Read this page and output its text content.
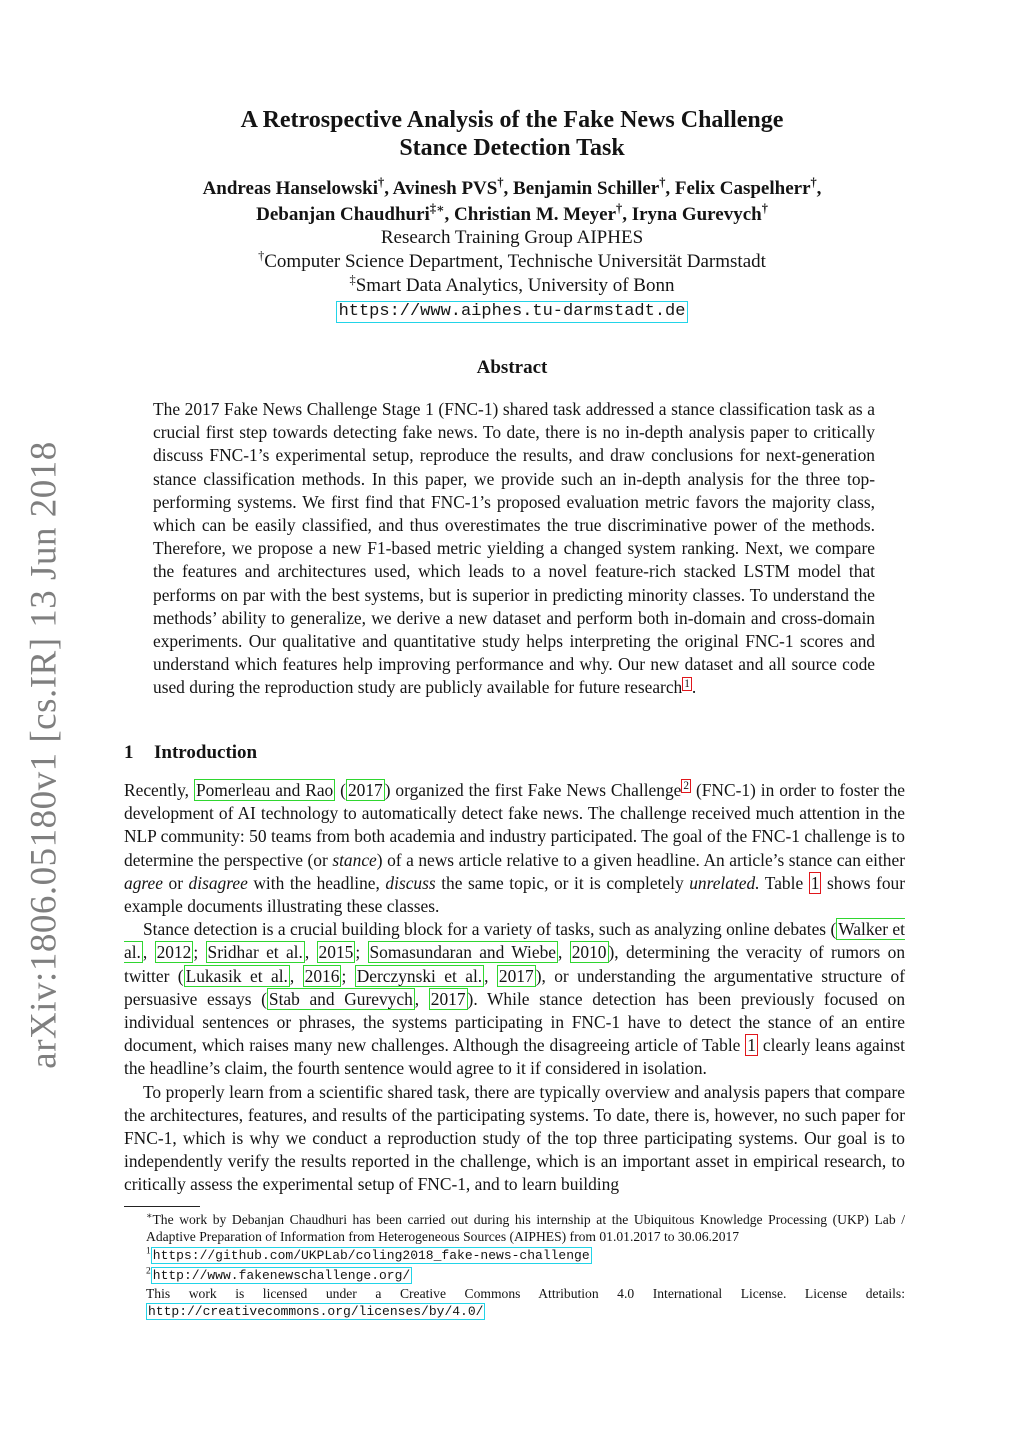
arXiv:1806.05180v1 [cs.IR] 13 Jun 2018
A Retrospective Analysis of the Fake News Challenge
Stance Detection Task
Andreas Hanselowski†, Avinesh PVS†, Benjamin Schiller†, Felix Caspelherr†,
Debanjan Chaudhuri‡∗, Christian M. Meyer†, Iryna Gurevych†
Research Training Group AIPHES
†Computer Science Department, Technische Universität Darmstadt
‡Smart Data Analytics, University of Bonn
https://www.aiphes.tu-darmstadt.de
Abstract
The 2017 Fake News Challenge Stage 1 (FNC-1) shared task addressed a stance classification task as a crucial first step towards detecting fake news. To date, there is no in-depth analysis paper to critically discuss FNC-1’s experimental setup, reproduce the results, and draw conclusions for next-generation stance classification methods. In this paper, we provide such an in-depth analysis for the three top-performing systems. We first find that FNC-1’s proposed evaluation metric favors the majority class, which can be easily classified, and thus overestimates the true discriminative power of the methods. Therefore, we propose a new F1-based metric yielding a changed system ranking. Next, we compare the features and architectures used, which leads to a novel feature-rich stacked LSTM model that performs on par with the best systems, but is superior in predicting minority classes. To understand the methods’ ability to generalize, we derive a new dataset and perform both in-domain and cross-domain experiments. Our qualitative and quantitative study helps interpreting the original FNC-1 scores and understand which features help improving performance and why. Our new dataset and all source code used during the reproduction study are publicly available for future research $^1$ .
1 Introduction

Recently, Pomerleau and Rao ( 2017 ) organized the first Fake News Challenge $^2$ (FNC-1) in order to foster the development of AI technology to automatically detect fake news. The challenge received much attention in the NLP community: 50 teams from both academia and industry participated. The goal of the FNC-1 challenge is to determine the perspective (or stance) of a news article relative to a given headline. An article’s stance can either agree or disagree with the headline, discuss the same topic, or it is completely unrelated. Table 1 shows four example documents illustrating these classes.

Stance detection is a crucial building block for a variety of tasks, such as analyzing online debates ( Walker et al. , 2012 ; Sridhar et al. , 2015 ; Somasundaran and Wiebe , 2010 ), determining the veracity of rumors on twitter ( Lukasik et al. , 2016 ; Derczynski et al. , 2017 ), or understanding the argumentative structure of persuasive essays ( Stab and Gurevych , 2017 ). While stance detection has been previously focused on individual sentences or phrases, the systems participating in FNC-1 have to detect the stance of an entire document, which raises many new challenges. Although the disagreeing article of Table 1 clearly leans against the headline’s claim, the fourth sentence would agree to it if considered in isolation.

To properly learn from a scientific shared task, there are typically overview and analysis papers that compare the architectures, features, and results of the participating systems. To date, there is, however, no such paper for FNC-1, which is why we conduct a reproduction study of the top three participating systems. Our goal is to independently verify the results reported in the challenge, which is an important asset in empirical research, to critically assess the experimental setup of FNC-1, and to learn building

∗The work by Debanjan Chaudhuri has been carried out during his internship at the Ubiquitous Knowledge Processing (UKP) Lab / Adaptive Preparation of Information from Heterogeneous Sources (AIPHES) from 01.01.2017 to 30.06.2017
$^1$ https://github.com/UKPLab/coling2018_fake-news-challenge
$^2$ http://www.fakenewschallenge.org/
This work is licensed under a Creative Commons Attribution 4.0 International License. License details: http://creativecommons.org/licenses/by/4.0/
